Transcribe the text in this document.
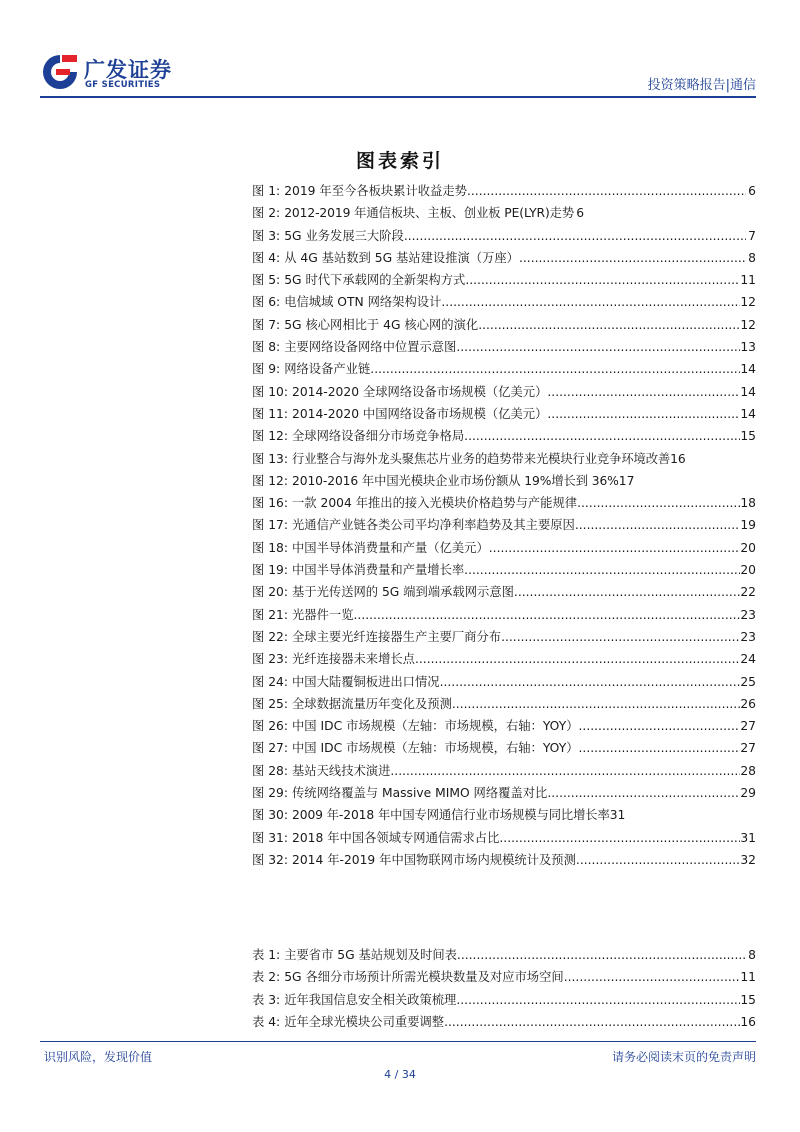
广发证券
GF SECURITIES	投资策略报告|通信
图表索引
图 1: 2019 年至今各板块累计收益走势 .....	6
图 2: 2012-2019 年通信板块、主板、创业板 PE(LYR)走势 6
图 3: 5G 业务发展三大阶段 .....	7
图 4: 从 4G 基站数到 5G 基站建设推演（万座） .....	8
图 5: 5G 时代下承载网的全新架构方式 .....	11
图 6: 电信城域 OTN 网络架构设计 .....	12
图 7: 5G 核心网相比于 4G 核心网的演化 .....	12
图 8: 主要网络设备网络中位置示意图 .....	13
图 9: 网络设备产业链 .....	14
图 10: 2014-2020 全球网络设备市场规模（亿美元） .....	14
图 11: 2014-2020 中国网络设备市场规模（亿美元） .....	14
图 12: 全球网络设备细分市场竞争格局 .....	15
图 13: 行业整合与海外龙头聚焦芯片业务的趋势带来光模块行业竞争环境改善 16
图 12: 2010-2016 年中国光模块企业市场份额从 19%增长到 36% 17
图 16: 一款 2004 年推出的接入光模块价格趋势与产能规律 .....	18
图 17: 光通信产业链各类公司平均净利率趋势及其主要原因 .....	19
图 18: 中国半导体消费量和产量（亿美元） .....	20
图 19: 中国半导体消费量和产量增长率 .....	20
图 20: 基于光传送网的 5G 端到端承载网示意图 .....	22
图 21: 光器件一览 .....	23
图 22: 全球主要光纤连接器生产主要厂商分布 .....	23
图 23: 光纤连接器未来增长点 .....	24
图 24: 中国大陆覆铜板进出口情况 .....	25
图 25: 全球数据流量历年变化及预测 .....	26
图 26: 中国 IDC 市场规模（左轴：市场规模，右轴：YOY） .....	27
图 27: 中国 IDC 市场规模（左轴：市场规模，右轴：YOY） .....	27
图 28: 基站天线技术演进 .....	28
图 29: 传统网络覆盖与 Massive MIMO 网络覆盖对比 .....	29
图 30: 2009 年-2018 年中国专网通信行业市场规模与同比增长率 31
图 31: 2018 年中国各领域专网通信需求占比 .....	31
图 32: 2014 年-2019 年中国物联网市场内规模统计及预测 .....	32
表 1: 主要省市 5G 基站规划及时间表 .....	8
表 2: 5G 各细分市场预计所需光模块数量及对应市场空间 .....	11
表 3: 近年我国信息安全相关政策梳理 .....	15
表 4: 近年全球光模块公司重要调整 .....	16
识别风险，发现价值	请务必阅读末页的免责声明
4 / 34
